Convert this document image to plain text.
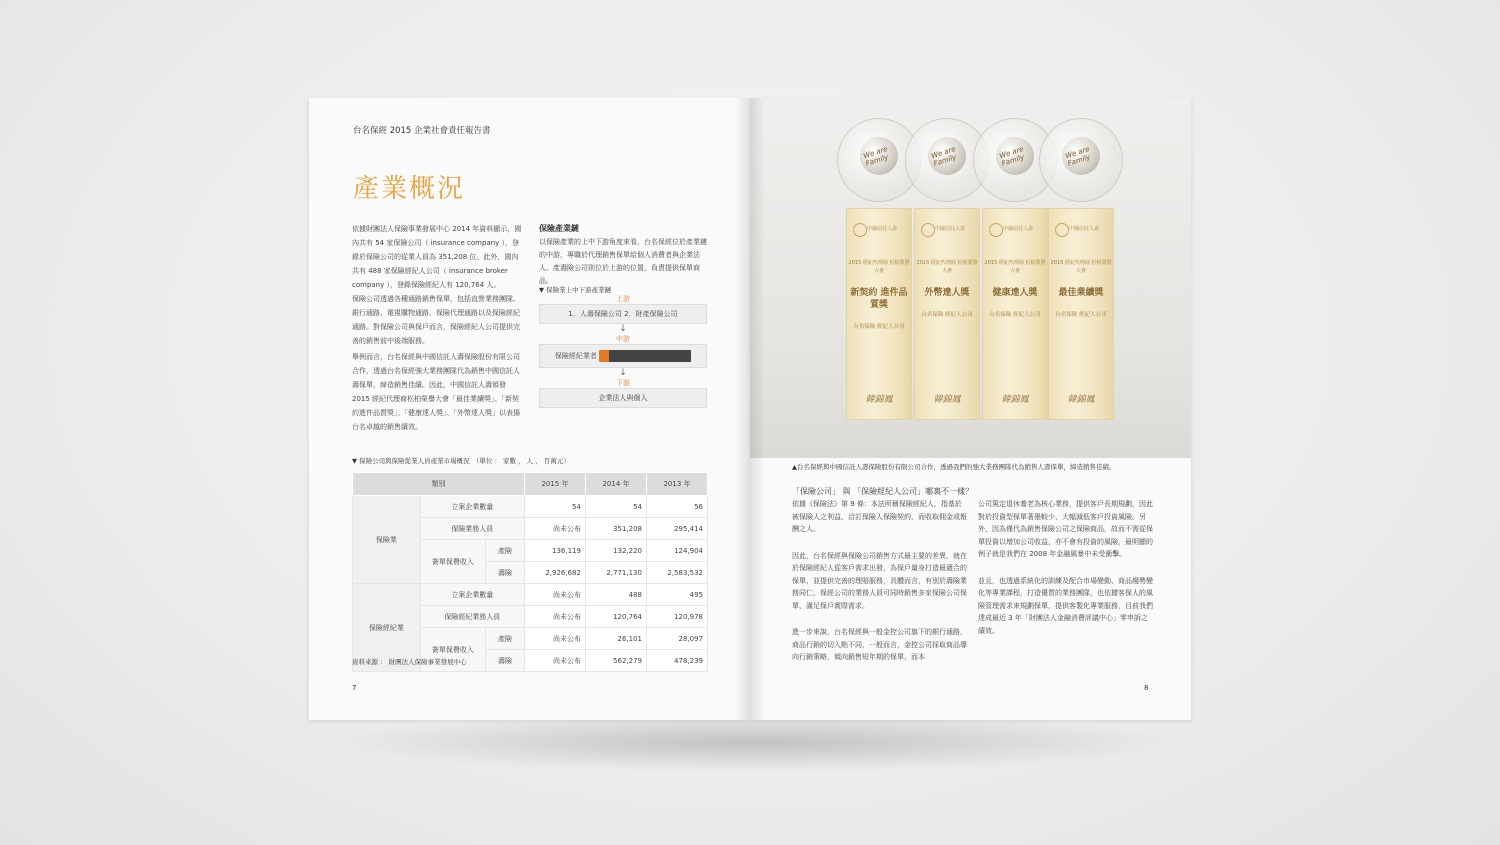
台名保經 2015 企業社會責任報告書
產業概況
依據財團法人保險事業發展中心 2014 年資料顯示，國內共有 54 家保險公司（ insurance company ），登錄於保險公司的從業人員為 351,208 位。此外，國內共有 488 家保險經紀人公司（ insurance broker company ），登錄保險經紀人有 120,764 人。
保險公司透過各種通路銷售保單，包括直營業務團隊、銀行通路、電視購物通路、保險代理通路以及保險經紀通路。對保險公司與保戶而言，保險經紀人公司提供完善的銷售前中後端服務。
舉例而言，台名保經與中國信託人壽保險股份有限公司合作，透過台名保經強大業務團隊代為銷售中國信託人壽保單，締造銷售佳績。因此，中國信託人壽頒發 2015 經紀代理商松柏榮譽大會「最佳業續獎」、「新契約進件品質獎」、「健康達人獎」、「外幣達人獎」以表揚台名卓越的銷售績效。
保險產業鏈
以保險產業的上中下游角度來看，台名保經位於產業鏈的中游，專職於代理銷售保單給個人消費者與企業法人。產壽險公司則位於上游的位置，負責提供保單商品。
▼ 保險業上中下游產業鏈
上游
1．人壽保險公司 2．財產保險公司
↓
中游
保險經紀業者
↓
下游
企業法人與個人
▼ 保險公司與保險從業人員產業市場概況　（單位 ： 家數 ， 人 ， 百萬元）
類別			2015 年	2014 年	2013 年
保險業	立案企業數量		54	54	56
	保險業務人員		尚未公布	351,208	295,414
	簽單保費收入	產險	136,119	132,220	124,904
		壽險	2,926,682	2,771,130	2,583,532
保險經紀業	立案企業數量		尚未公布	488	495
	保險經紀業務人員		尚未公布	120,764	120,978
	簽單保費收入	產險	尚未公布	26,101	28,097
		壽險	尚未公布	562,279	478,239
資料來源 ： 財團法人保險事業發展中心
7
We are Family
中國信託人壽
2015 經紀代理商 松柏榮譽大會
新契約 進件品質獎
台名保險 經紀人公司
韓錦鳳
We are Family
中國信託人壽
2015 經紀代理商 松柏榮譽大會
外幣達人獎
台名保險 經紀人公司
韓錦鳳
We are Family
中國信託人壽
2015 經紀代理商 松柏榮譽大會
健康達人獎
台名保險 經紀人公司
韓錦鳳
We are Family
中國信託人壽
2015 經紀代理商 松柏榮譽大會
最佳業續獎
台名保險 經紀人公司
韓錦鳳
▲台名保經與中國信託人壽保險股份有限公司合作，透過我們的強大業務團隊代為銷售人壽保單，締造銷售佳績。
「保險公司」 與 「保險經紀人公司」哪裏不一樣？
依據《保險法》第 9 條：本法所稱保險經紀人，指基於被保險人之利益，洽訂保險人保險契約，而收取佣金或報酬之人。
因此，台名保經與保險公司銷售方式最主要的差異，就在於保險經紀人從客戶需求出發，為保戶量身打造最適合的保單，並提供完善的理賠服務，具體而言，有別於壽險業務同仁，保經公司的業務人員可同時銷售多家保險公司保單，滿足保戶實際需求。
進一步來說，台名保經與一般金控公司旗下的銀行通路，商品行銷的切入點不同，一般而言，金控公司採取商品導向行銷策略，傾向銷售短年期的保單，而本
公司篤定退休養老為核心業務，提供客戶長期規劃，因此對於投資型保單著墨較少，大幅減低客戶投資風險。另外，因為僅代為銷售保險公司之保險商品，故而不需從保單投資以增加公司收益，亦不會有投資的風險，最明顯的例子就是我們在 2008 年金融風暴中未受衝擊。
並且，也透過系統化的訓練及配合市場變動、商品趨勢變化等專業課程，打造優質的業務團隊，也依據客保人的風險管理需求來規劃保單，提供客製化專業服務，目前我們達成最近 3 年「財團法人金融消費評議中心」零申訴之績效。
8
